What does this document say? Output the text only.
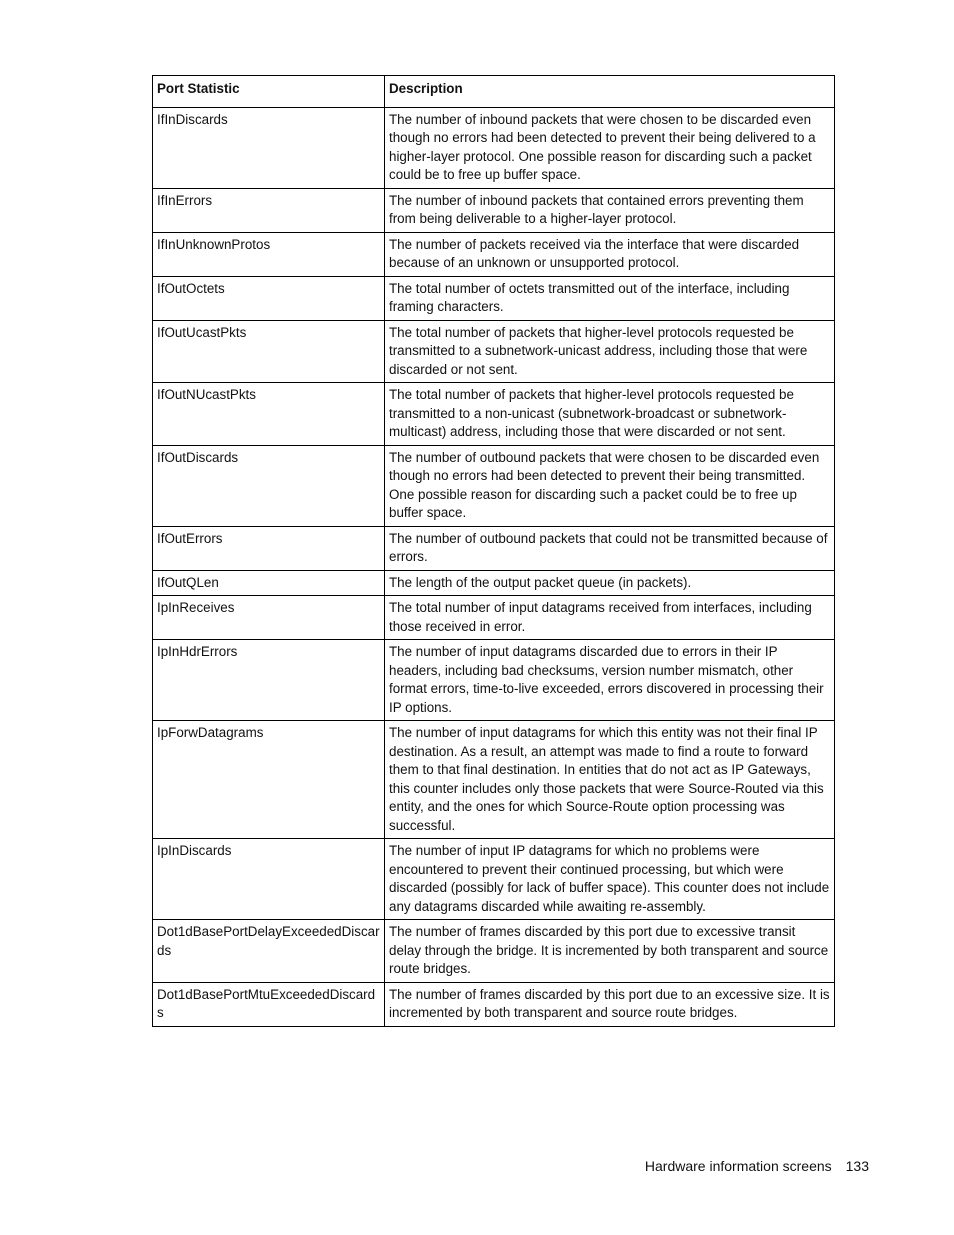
Port Statistic	Description
IfInDiscards	The number of inbound packets that were chosen to be discarded even though no errors had been detected to prevent their being delivered to a higher-layer protocol. One possible reason for discarding such a packet could be to free up buffer space.
IfInErrors	The number of inbound packets that contained errors preventing them from being deliverable to a higher-layer protocol.
IfInUnknownProtos	The number of packets received via the interface that were discarded because of an unknown or unsupported protocol.
IfOutOctets	The total number of octets transmitted out of the interface, including framing characters.
IfOutUcastPkts	The total number of packets that higher-level protocols requested be transmitted to a subnetwork-unicast address, including those that were discarded or not sent.
IfOutNUcastPkts	The total number of packets that higher-level protocols requested be transmitted to a non-unicast (subnetwork-broadcast or subnetwork-multicast) address, including those that were discarded or not sent.
IfOutDiscards	The number of outbound packets that were chosen to be discarded even though no errors had been detected to prevent their being transmitted. One possible reason for discarding such a packet could be to free up buffer space.
IfOutErrors	The number of outbound packets that could not be transmitted because of errors.
IfOutQLen	The length of the output packet queue (in packets).
IpInReceives	The total number of input datagrams received from interfaces, including those received in error.
IpInHdrErrors	The number of input datagrams discarded due to errors in their IP headers, including bad checksums, version number mismatch, other format errors, time-to-live exceeded, errors discovered in processing their IP options.
IpForwDatagrams	The number of input datagrams for which this entity was not their final IP destination. As a result, an attempt was made to find a route to forward them to that final destination. In entities that do not act as IP Gateways, this counter includes only those packets that were Source-Routed via this entity, and the ones for which Source-Route option processing was successful.
IpInDiscards	The number of input IP datagrams for which no problems were encountered to prevent their continued processing, but which were discarded (possibly for lack of buffer space). This counter does not include any datagrams discarded while awaiting re-assembly.
Dot1dBasePortDelayExceededDiscards	The number of frames discarded by this port due to excessive transit delay through the bridge. It is incremented by both transparent and source route bridges.
Dot1dBasePortMtuExceededDiscards	The number of frames discarded by this port due to an excessive size. It is incremented by both transparent and source route bridges.
Hardware information screens 133
